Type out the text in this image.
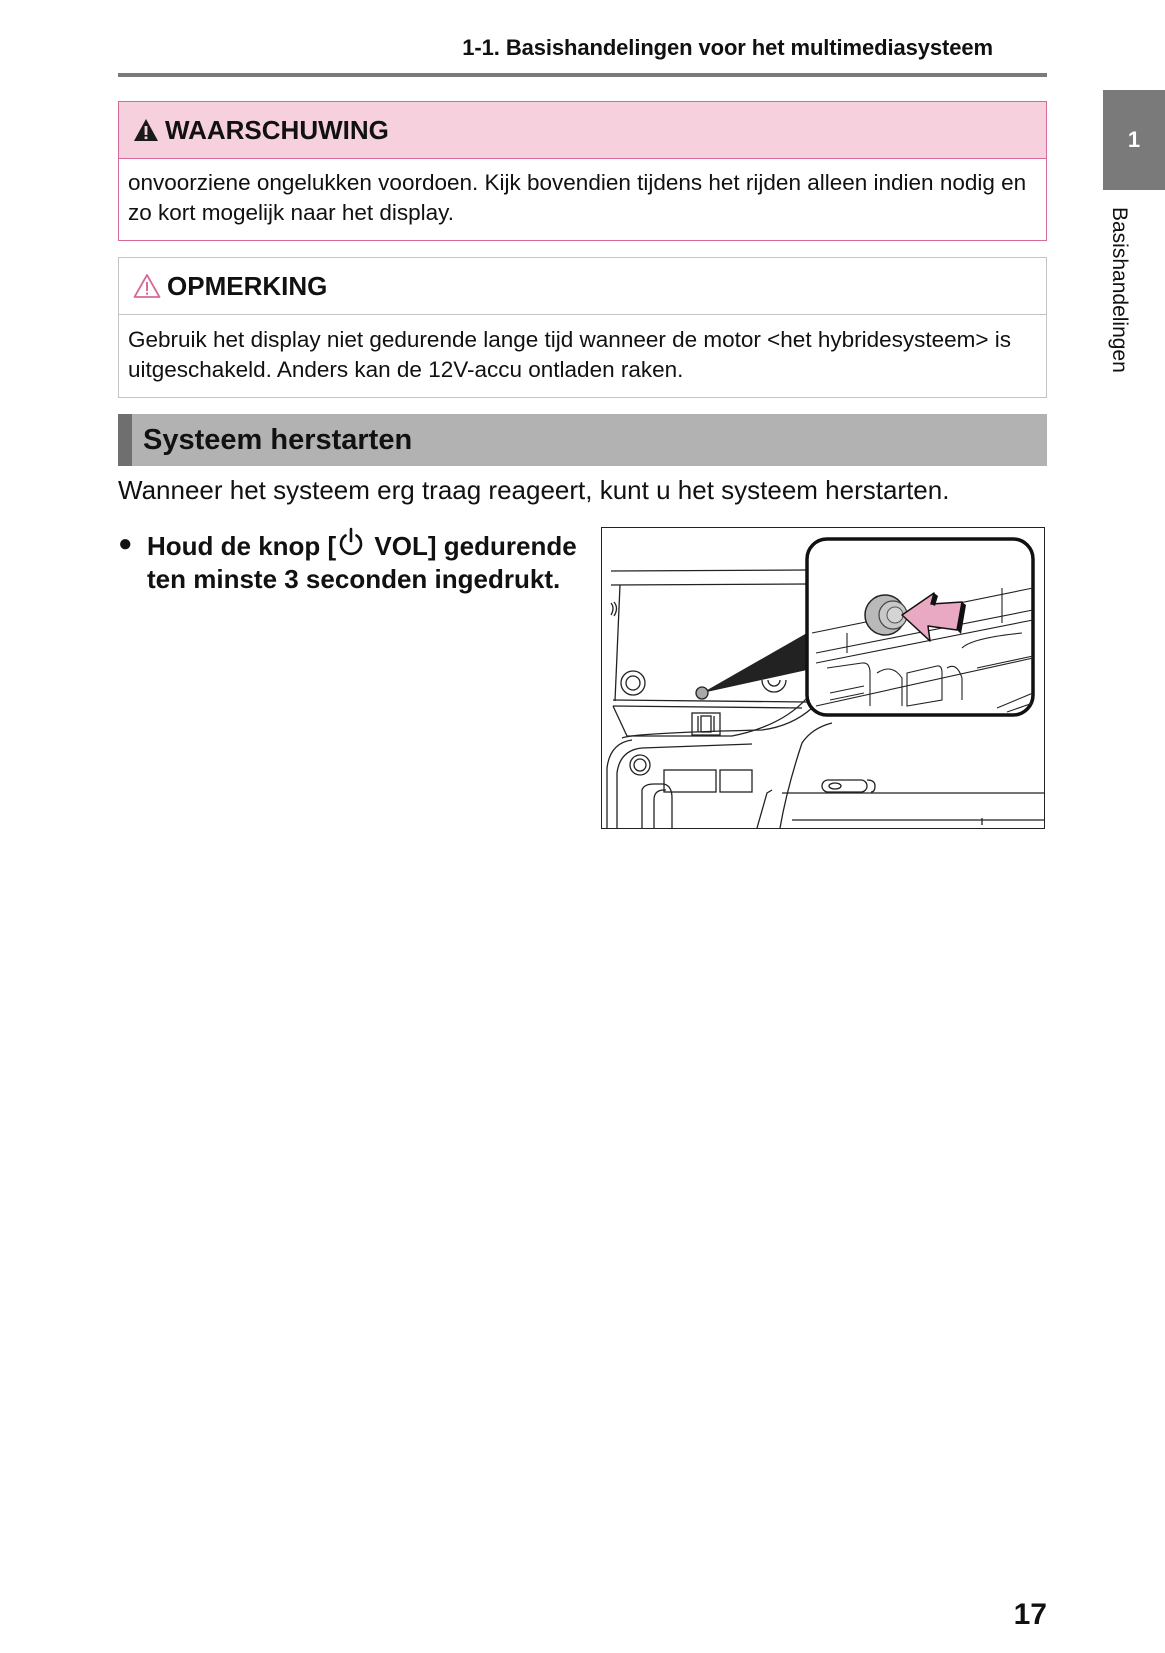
1-1. Basishandelingen voor het multimediasysteem
1
Basishandelingen
WAARSCHUWING
onvoorziene ongelukken voordoen. Kijk bovendien tijdens het rijden alleen indien nodig en zo kort mogelijk naar het display.
OPMERKING
Gebruik het display niet gedurende lange tijd wanneer de motor <het hybridesysteem> is uitgeschakeld. Anders kan de 12V-accu ontladen raken.
Systeem herstarten
Wanneer het systeem erg traag reageert, kunt u het systeem herstarten.
● Houd de knop [ VOL] gedurende ten minste 3 seconden ingedrukt.
17
